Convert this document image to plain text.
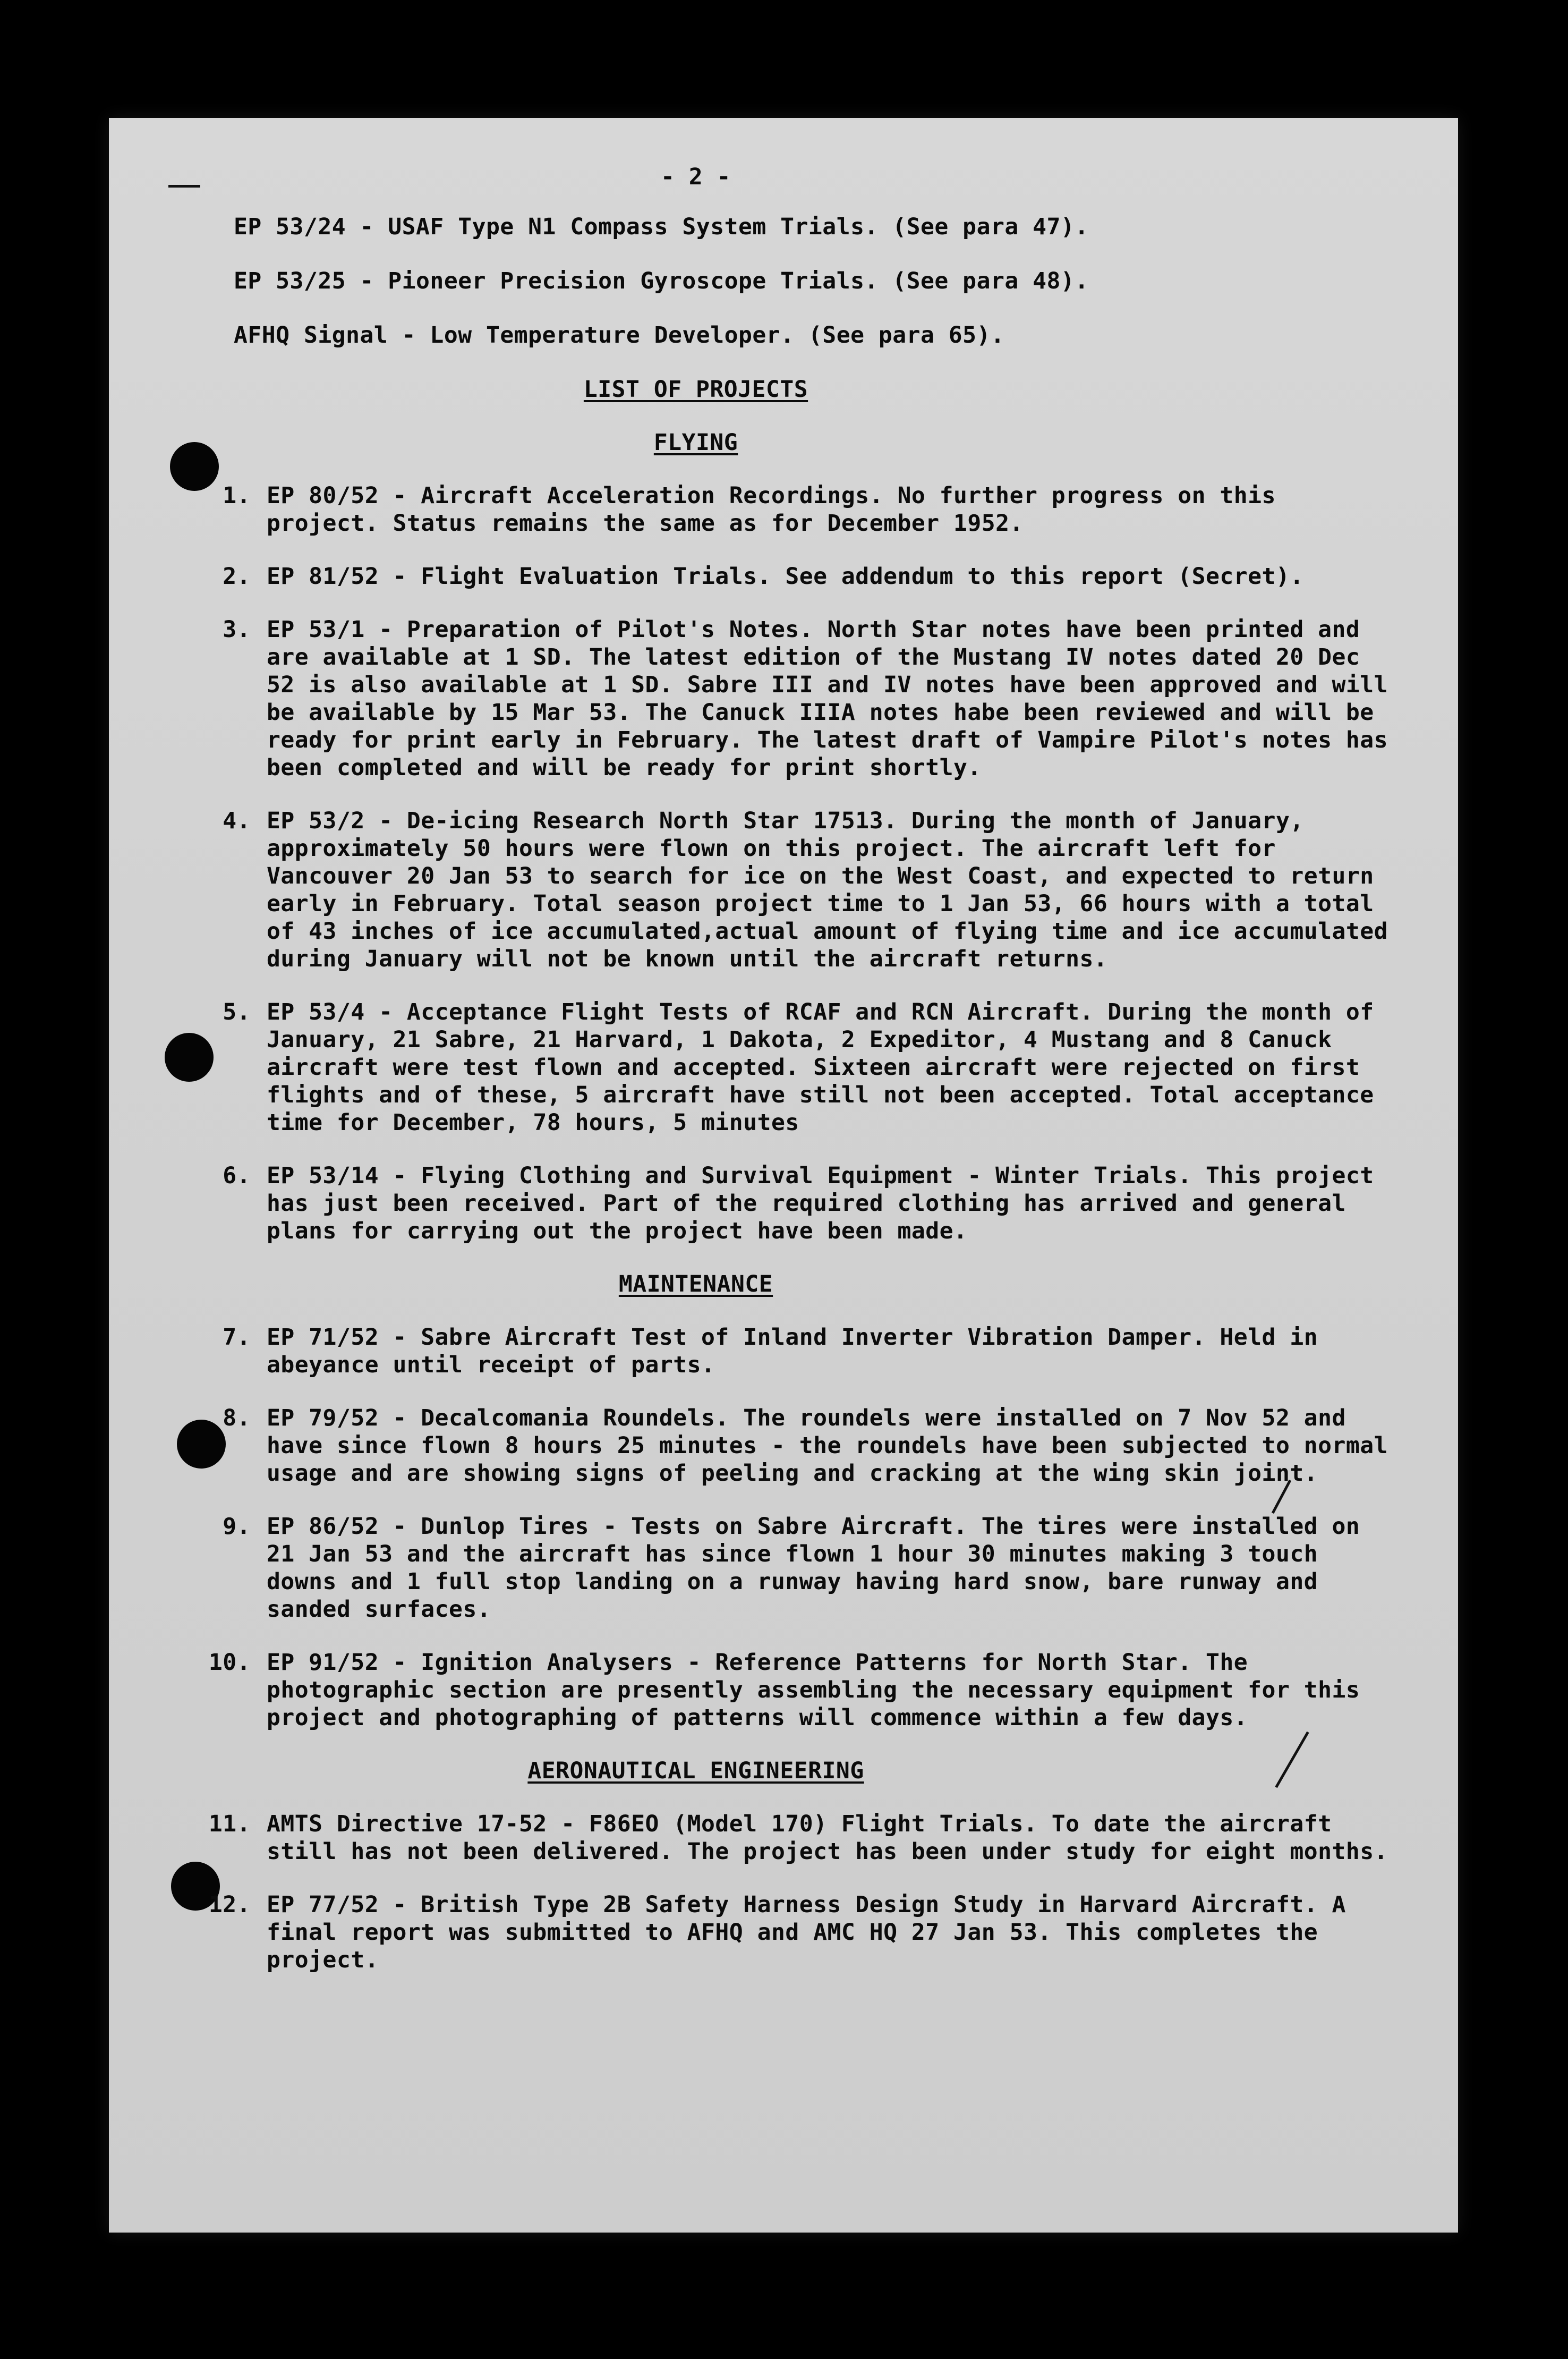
- 2 -
EP 53/24 - USAF Type N1 Compass System Trials. (See para 47).
EP 53/25 - Pioneer Precision Gyroscope Trials. (See para 48).
AFHQ Signal - Low Temperature Developer. (See para 65).
LIST OF PROJECTS
FLYING
1. EP 80/52 - Aircraft Acceleration Recordings. No further progress on this project. Status remains the same as for December 1952.
2. EP 81/52 - Flight Evaluation Trials. See addendum to this report (Secret).
3. EP 53/1 - Preparation of Pilot's Notes. North Star notes have been printed and are available at 1 SD. The latest edition of the Mustang IV notes dated 20 Dec 52 is also available at 1 SD. Sabre III and IV notes have been approved and will be available by 15 Mar 53. The Canuck IIIA notes habe been reviewed and will be ready for print early in February. The latest draft of Vampire Pilot's notes has been completed and will be ready for print shortly.
4. EP 53/2 - De-icing Research North Star 17513. During the month of January, approximately 50 hours were flown on this project. The aircraft left for Vancouver 20 Jan 53 to search for ice on the West Coast, and expected to return early in February. Total season project time to 1 Jan 53, 66 hours with a total of 43 inches of ice accumulated,actual amount of flying time and ice accumulated during January will not be known until the aircraft returns.
5. EP 53/4 - Acceptance Flight Tests of RCAF and RCN Aircraft. During the month of January, 21 Sabre, 21 Harvard, 1 Dakota, 2 Expeditor, 4 Mustang and 8 Canuck aircraft were test flown and accepted. Sixteen aircraft were rejected on first flights and of these, 5 aircraft have still not been accepted. Total acceptance time for December, 78 hours, 5 minutes
6. EP 53/14 - Flying Clothing and Survival Equipment - Winter Trials. This project has just been received. Part of the required clothing has arrived and general plans for carrying out the project have been made.
MAINTENANCE
7. EP 71/52 - Sabre Aircraft Test of Inland Inverter Vibration Damper. Held in abeyance until receipt of parts.
8. EP 79/52 - Decalcomania Roundels. The roundels were installed on 7 Nov 52 and have since flown 8 hours 25 minutes - the roundels have been subjected to normal usage and are showing signs of peeling and cracking at the wing skin joint.
9. EP 86/52 - Dunlop Tires - Tests on Sabre Aircraft. The tires were installed on 21 Jan 53 and the aircraft has since flown 1 hour 30 minutes making 3 touch downs and 1 full stop landing on a runway having hard snow, bare runway and sanded surfaces.
10. EP 91/52 - Ignition Analysers - Reference Patterns for North Star. The photographic section are presently assembling the necessary equipment for this project and photographing of patterns will commence within a few days.
AERONAUTICAL ENGINEERING
11. AMTS Directive 17-52 - F86EO (Model 170) Flight Trials. To date the aircraft still has not been delivered. The project has been under study for eight months.
12. EP 77/52 - British Type 2B Safety Harness Design Study in Harvard Aircraft. A final report was submitted to AFHQ and AMC HQ 27 Jan 53. This completes the project.
